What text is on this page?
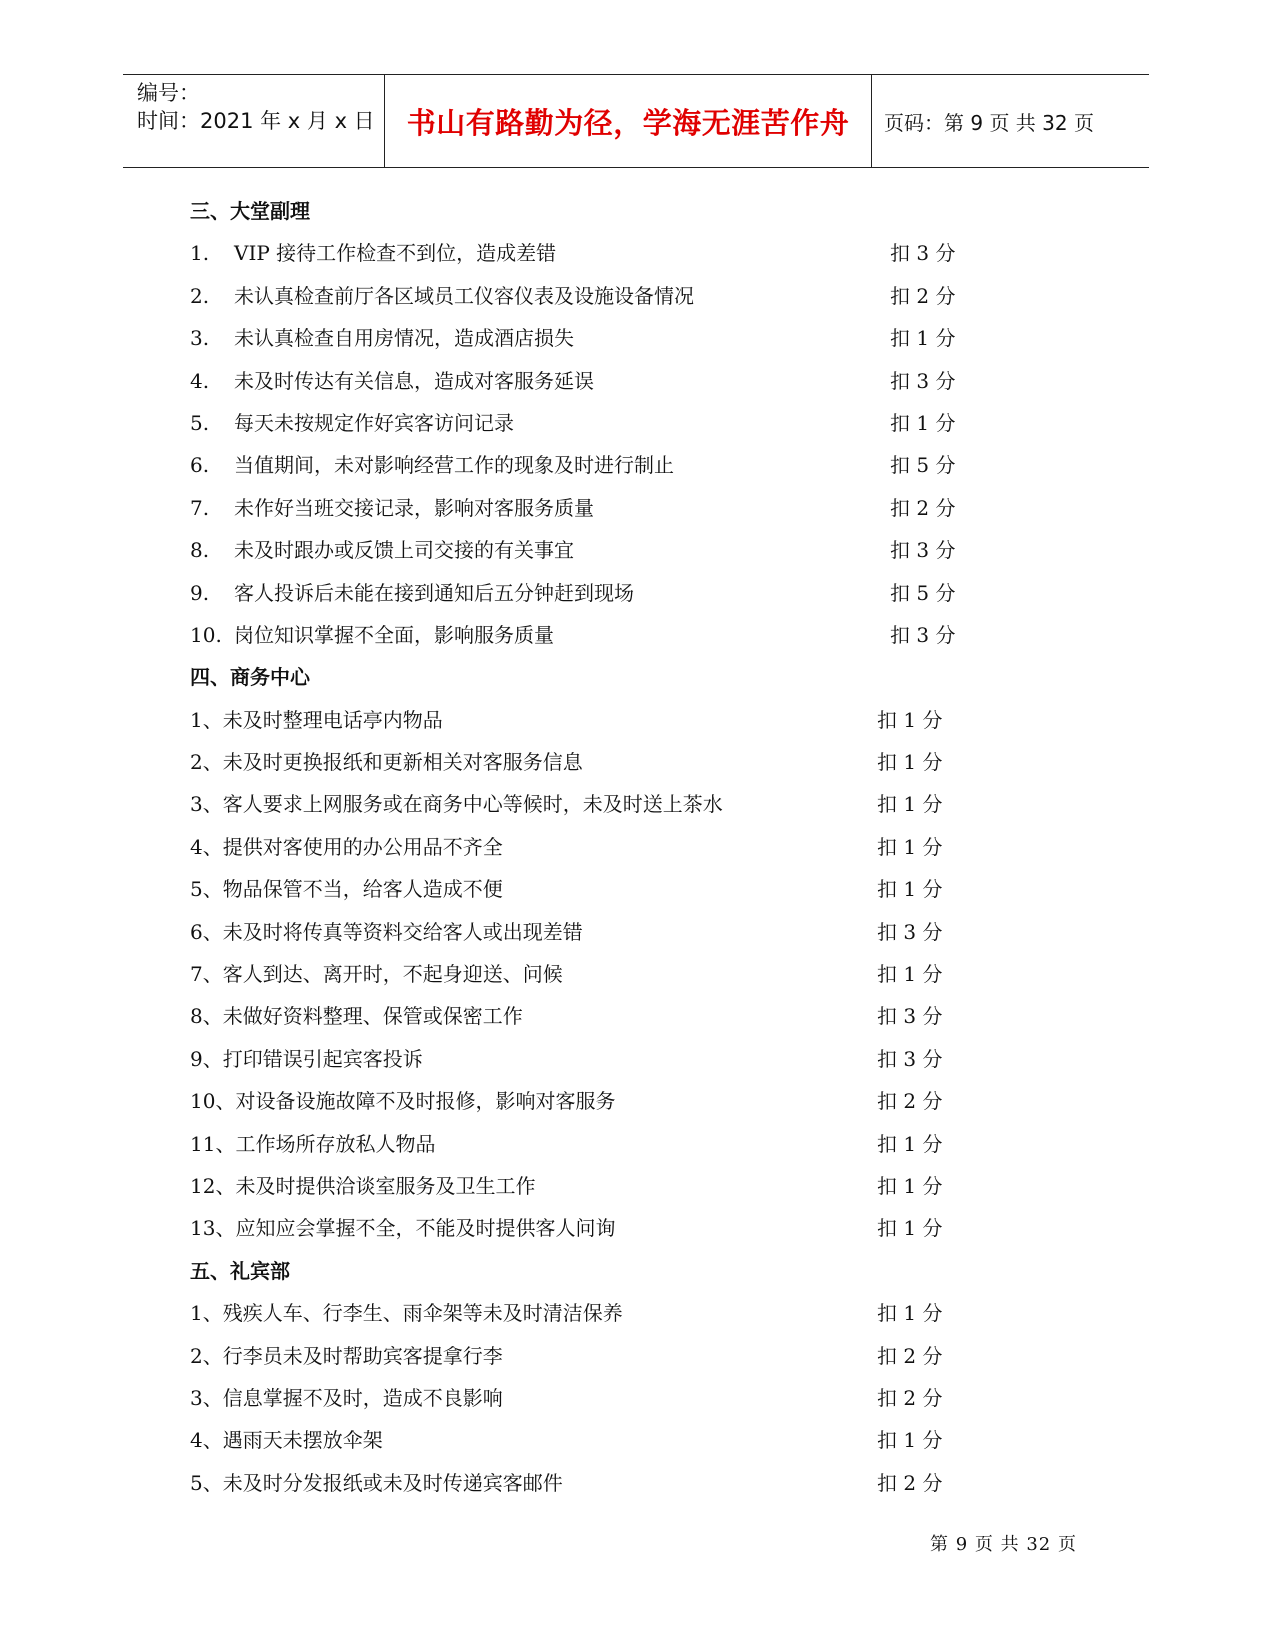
编号：
时间：2021 年 x 月 x 日	书山有路勤为径，学海无涯苦作舟	页码：第 9 页 共 32 页
三、大堂副理
1. VIP 接待工作检查不到位，造成差错	扣 3 分
2. 未认真检查前厅各区域员工仪容仪表及设施设备情况	扣 2 分
3. 未认真检查自用房情况，造成酒店损失	扣 1 分
4. 未及时传达有关信息，造成对客服务延误	扣 3 分
5. 每天未按规定作好宾客访问记录	扣 1 分
6. 当值期间，未对影响经营工作的现象及时进行制止	扣 5 分
7. 未作好当班交接记录，影响对客服务质量	扣 2 分
8. 未及时跟办或反馈上司交接的有关事宜	扣 3 分
9. 客人投诉后未能在接到通知后五分钟赶到现场	扣 5 分
10. 岗位知识掌握不全面，影响服务质量	扣 3 分
四、商务中心
1、未及时整理电话亭内物品	扣 1 分
2、未及时更换报纸和更新相关对客服务信息	扣 1 分
3、客人要求上网服务或在商务中心等候时，未及时送上茶水	扣 1 分
4、提供对客使用的办公用品不齐全	扣 1 分
5、物品保管不当，给客人造成不便	扣 1 分
6、未及时将传真等资料交给客人或出现差错	扣 3 分
7、客人到达、离开时，不起身迎送、问候	扣 1 分
8、未做好资料整理、保管或保密工作	扣 3 分
9、打印错误引起宾客投诉	扣 3 分
10、对设备设施故障不及时报修，影响对客服务	扣 2 分
11、工作场所存放私人物品	扣 1 分
12、未及时提供洽谈室服务及卫生工作	扣 1 分
13、应知应会掌握不全，不能及时提供客人问询	扣 1 分
五、礼宾部
1、残疾人车、行李生、雨伞架等未及时清洁保养	扣 1 分
2、行李员未及时帮助宾客提拿行李	扣 2 分
3、信息掌握不及时，造成不良影响	扣 2 分
4、遇雨天未摆放伞架	扣 1 分
5、未及时分发报纸或未及时传递宾客邮件	扣 2 分
第 9 页 共 32 页
